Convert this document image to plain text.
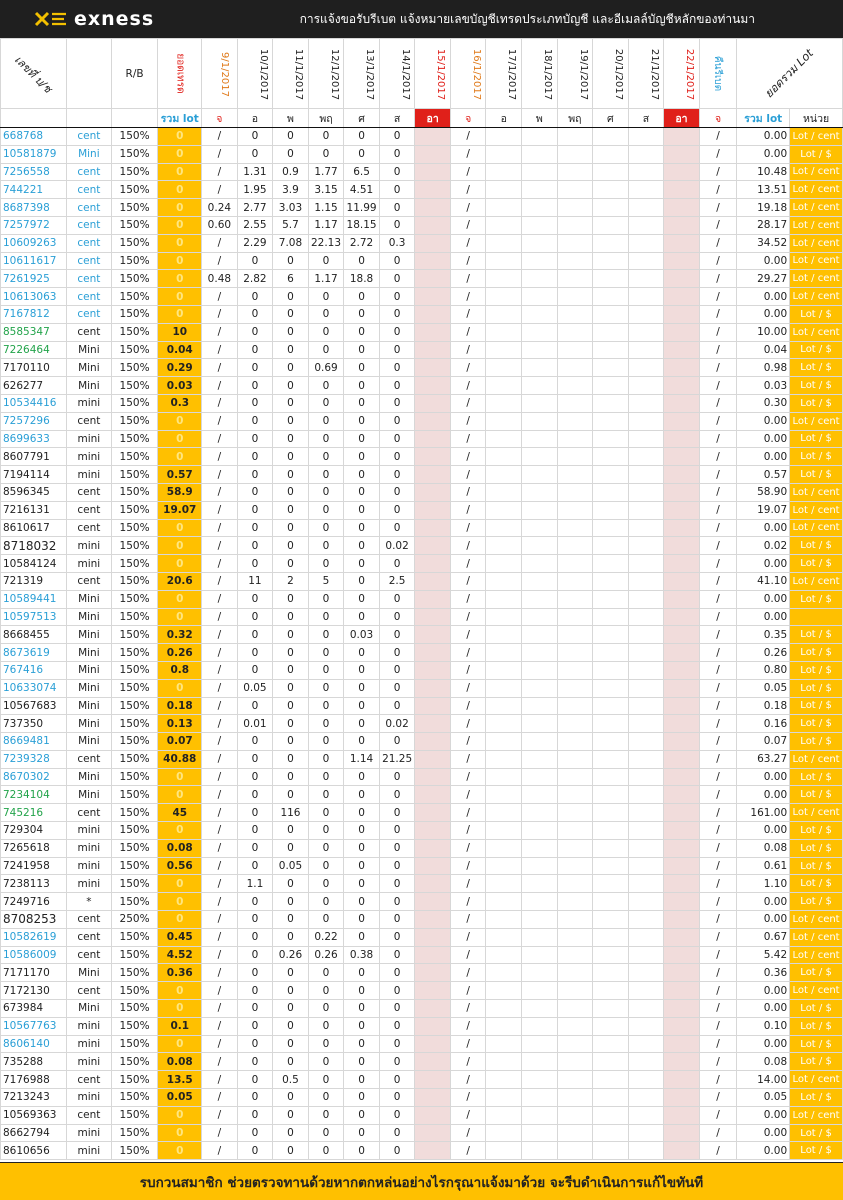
exness	การแจ้งขอรับรีเบต แจ้งหมายเลขบัญชีเทรดประเภทบัญชี และอีเมลล์บัญชีหลักของท่านมา
เลขที่ บ/ช		R/B	ยอดเทรด	9/1/2017	10/1/2017	11/1/2017	12/1/2017	13/1/2017	14/1/2017	15/1/2017	16/1/2017	17/1/2017	18/1/2017	19/1/2017	20/1/2017	21/1/2017	22/1/2017	คืนรีเบต	ยอดรวม Lot	
			รวม lot	จ	อ	พ	พฤ	ศ	ส	อา	จ	อ	พ	พฤ	ศ	ส	อา	จ	รวม lot	หน่วย
668768	cent	150%	0	/	0	0	0	0	0		/							/	0.00	Lot / cent
10581879	Mini	150%	0	/	0	0	0	0	0		/							/	0.00	Lot / $
7256558	cent	150%	0	/	1.31	0.9	1.77	6.5	0		/							/	10.48	Lot / cent
744221	cent	150%	0	/	1.95	3.9	3.15	4.51	0		/							/	13.51	Lot / cent
8687398	cent	150%	0	0.24	2.77	3.03	1.15	11.99	0		/							/	19.18	Lot / cent
7257972	cent	150%	0	0.60	2.55	5.7	1.17	18.15	0		/							/	28.17	Lot / cent
10609263	cent	150%	0	/	2.29	7.08	22.13	2.72	0.3		/							/	34.52	Lot / cent
10611617	cent	150%	0	/	0	0	0	0	0		/							/	0.00	Lot / cent
7261925	cent	150%	0	0.48	2.82	6	1.17	18.8	0		/							/	29.27	Lot / cent
10613063	cent	150%	0	/	0	0	0	0	0		/							/	0.00	Lot / cent
7167812	cent	150%	0	/	0	0	0	0	0		/							/	0.00	Lot / $
8585347	cent	150%	10	/	0	0	0	0	0		/							/	10.00	Lot / cent
7226464	Mini	150%	0.04	/	0	0	0	0	0		/							/	0.04	Lot / $
7170110	Mini	150%	0.29	/	0	0	0.69	0	0		/							/	0.98	Lot / $
626277	Mini	150%	0.03	/	0	0	0	0	0		/							/	0.03	Lot / $
10534416	mini	150%	0.3	/	0	0	0	0	0		/							/	0.30	Lot / $
7257296	cent	150%	0	/	0	0	0	0	0		/							/	0.00	Lot / cent
8699633	mini	150%	0	/	0	0	0	0	0		/							/	0.00	Lot / $
8607791	mini	150%	0	/	0	0	0	0	0		/							/	0.00	Lot / $
7194114	mini	150%	0.57	/	0	0	0	0	0		/							/	0.57	Lot / $
8596345	cent	150%	58.9	/	0	0	0	0	0		/							/	58.90	Lot / cent
7216131	cent	150%	19.07	/	0	0	0	0	0		/							/	19.07	Lot / cent
8610617	cent	150%	0	/	0	0	0	0	0		/							/	0.00	Lot / cent
8718032	mini	150%	0	/	0	0	0	0	0.02		/							/	0.02	Lot / $
10584124	mini	150%	0	/	0	0	0	0	0		/							/	0.00	Lot / $
721319	cent	150%	20.6	/	11	2	5	0	2.5		/							/	41.10	Lot / cent
10589441	Mini	150%	0	/	0	0	0	0	0		/							/	0.00	Lot / $
10597513	Mini	150%	0	/	0	0	0	0	0		/							/	0.00	
8668455	Mini	150%	0.32	/	0	0	0	0.03	0		/							/	0.35	Lot / $
8673619	Mini	150%	0.26	/	0	0	0	0	0		/							/	0.26	Lot / $
767416	Mini	150%	0.8	/	0	0	0	0	0		/							/	0.80	Lot / $
10633074	Mini	150%	0	/	0.05	0	0	0	0		/							/	0.05	Lot / $
10567683	Mini	150%	0.18	/	0	0	0	0	0		/							/	0.18	Lot / $
737350	Mini	150%	0.13	/	0.01	0	0	0	0.02		/							/	0.16	Lot / $
8669481	Mini	150%	0.07	/	0	0	0	0	0		/							/	0.07	Lot / $
7239328	cent	150%	40.88	/	0	0	0	1.14	21.25		/							/	63.27	Lot / cent
8670302	Mini	150%	0	/	0	0	0	0	0		/							/	0.00	Lot / $
7234104	Mini	150%	0	/	0	0	0	0	0		/							/	0.00	Lot / $
745216	cent	150%	45	/	0	116	0	0	0		/							/	161.00	Lot / cent
729304	mini	150%	0	/	0	0	0	0	0		/							/	0.00	Lot / $
7265618	mini	150%	0.08	/	0	0	0	0	0		/							/	0.08	Lot / $
7241958	mini	150%	0.56	/	0	0.05	0	0	0		/							/	0.61	Lot / $
7238113	mini	150%	0	/	1.1	0	0	0	0		/							/	1.10	Lot / $
7249716	*	150%	0	/	0	0	0	0	0		/							/	0.00	Lot / $
8708253	cent	250%	0	/	0	0	0	0	0		/							/	0.00	Lot / cent
10582619	cent	150%	0.45	/	0	0	0.22	0	0		/							/	0.67	Lot / cent
10586009	cent	150%	4.52	/	0	0.26	0.26	0.38	0		/							/	5.42	Lot / cent
7171170	Mini	150%	0.36	/	0	0	0	0	0		/							/	0.36	Lot / $
7172130	cent	150%	0	/	0	0	0	0	0		/							/	0.00	Lot / cent
673984	Mini	150%	0	/	0	0	0	0	0		/							/	0.00	Lot / $
10567763	mini	150%	0.1	/	0	0	0	0	0		/							/	0.10	Lot / $
8606140	mini	150%	0	/	0	0	0	0	0		/							/	0.00	Lot / $
735288	mini	150%	0.08	/	0	0	0	0	0		/							/	0.08	Lot / $
7176988	cent	150%	13.5	/	0	0.5	0	0	0		/							/	14.00	Lot / cent
7213243	mini	150%	0.05	/	0	0	0	0	0		/							/	0.05	Lot / $
10569363	cent	150%	0	/	0	0	0	0	0		/							/	0.00	Lot / cent
8662794	mini	150%	0	/	0	0	0	0	0		/							/	0.00	Lot / $
8610656	mini	150%	0	/	0	0	0	0	0		/							/	0.00	Lot / $
รบกวนสมาชิก ช่วยตรวจทานด้วยหากตกหล่นอย่างไรกรุณาแจ้งมาด้วย จะรีบดำเนินการแก้ไขทันที
